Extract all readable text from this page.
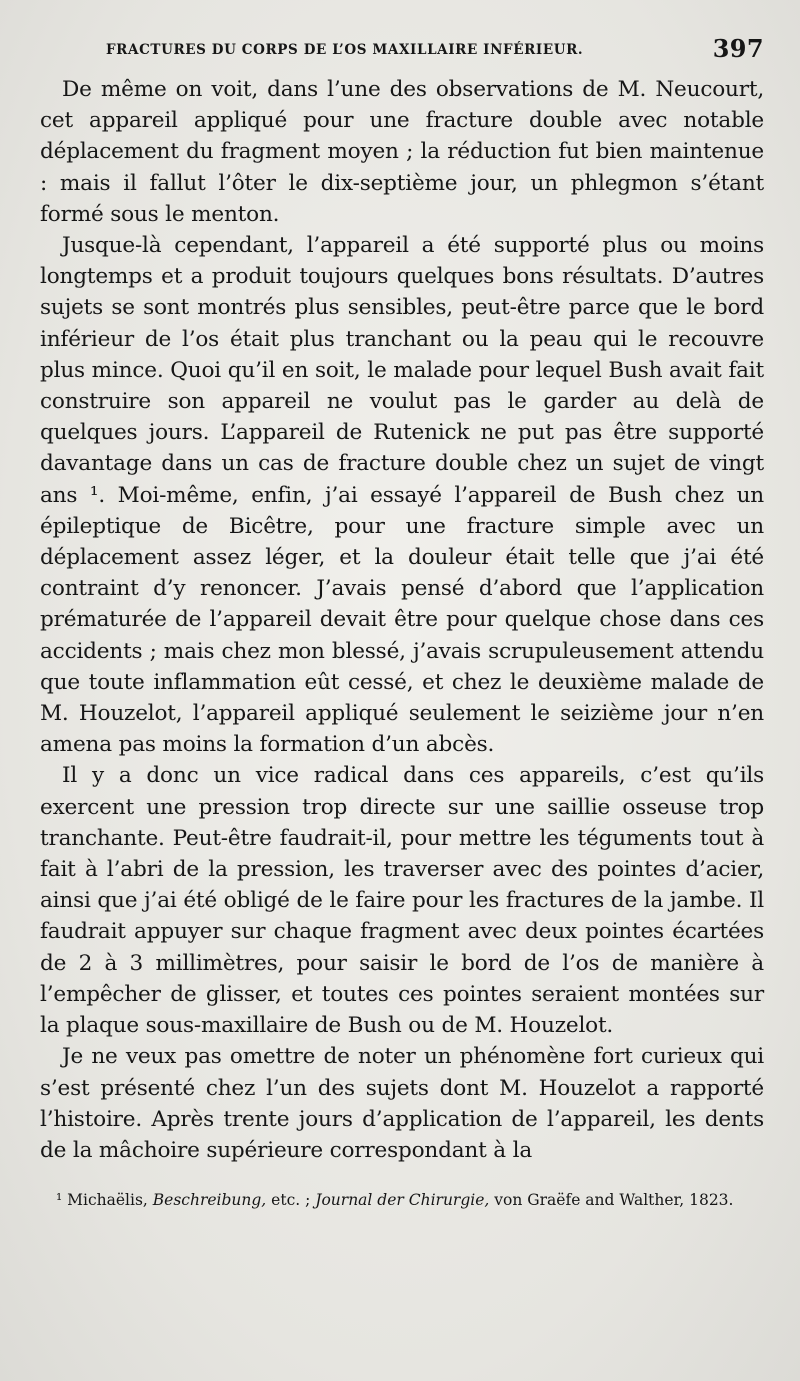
FRACTURES DU CORPS DE L’OS MAXILLAIRE INFÉRIEUR.	397

De même on voit, dans l’une des observations de M. Neucourt, cet appareil appliqué pour une fracture double avec notable déplacement du fragment moyen ; la réduction fut bien maintenue : mais il fallut l’ôter le dix-septième jour, un phlegmon s’étant formé sous le menton.

Jusque-là cependant, l’appareil a été supporté plus ou moins longtemps et a produit toujours quelques bons résultats. D’autres sujets se sont montrés plus sensibles, peut-être parce que le bord inférieur de l’os était plus tranchant ou la peau qui le recouvre plus mince. Quoi qu’il en soit, le malade pour lequel Bush avait fait construire son appareil ne voulut pas le garder au delà de quelques jours. L’appareil de Rutenick ne put pas être supporté davantage dans un cas de fracture double chez un sujet de vingt ans ¹. Moi-même, enfin, j’ai essayé l’appareil de Bush chez un épileptique de Bicêtre, pour une fracture simple avec un déplacement assez léger, et la douleur était telle que j’ai été contraint d’y renoncer. J’avais pensé d’abord que l’application prématurée de l’appareil devait être pour quelque chose dans ces accidents ; mais chez mon blessé, j’avais scrupuleusement attendu que toute inflammation eût cessé, et chez le deuxième malade de M. Houzelot, l’appareil appliqué seulement le seizième jour n’en amena pas moins la formation d’un abcès.

Il y a donc un vice radical dans ces appareils, c’est qu’ils exercent une pression trop directe sur une saillie osseuse trop tranchante. Peut-être faudrait-il, pour mettre les téguments tout à fait à l’abri de la pression, les traverser avec des pointes d’acier, ainsi que j’ai été obligé de le faire pour les fractures de la jambe. Il faudrait appuyer sur chaque fragment avec deux pointes écartées de 2 à 3 millimètres, pour saisir le bord de l’os de manière à l’empêcher de glisser, et toutes ces pointes seraient montées sur la plaque sous-maxillaire de Bush ou de M. Houzelot.

Je ne veux pas omettre de noter un phénomène fort curieux qui s’est présenté chez l’un des sujets dont M. Houzelot a rapporté l’histoire. Après trente jours d’application de l’appareil, les dents de la mâchoire supérieure correspondant à la

¹ Michaëlis, Beschreibung, etc. ; Journal der Chirurgie, von Graëfe and Walther, 1823.
